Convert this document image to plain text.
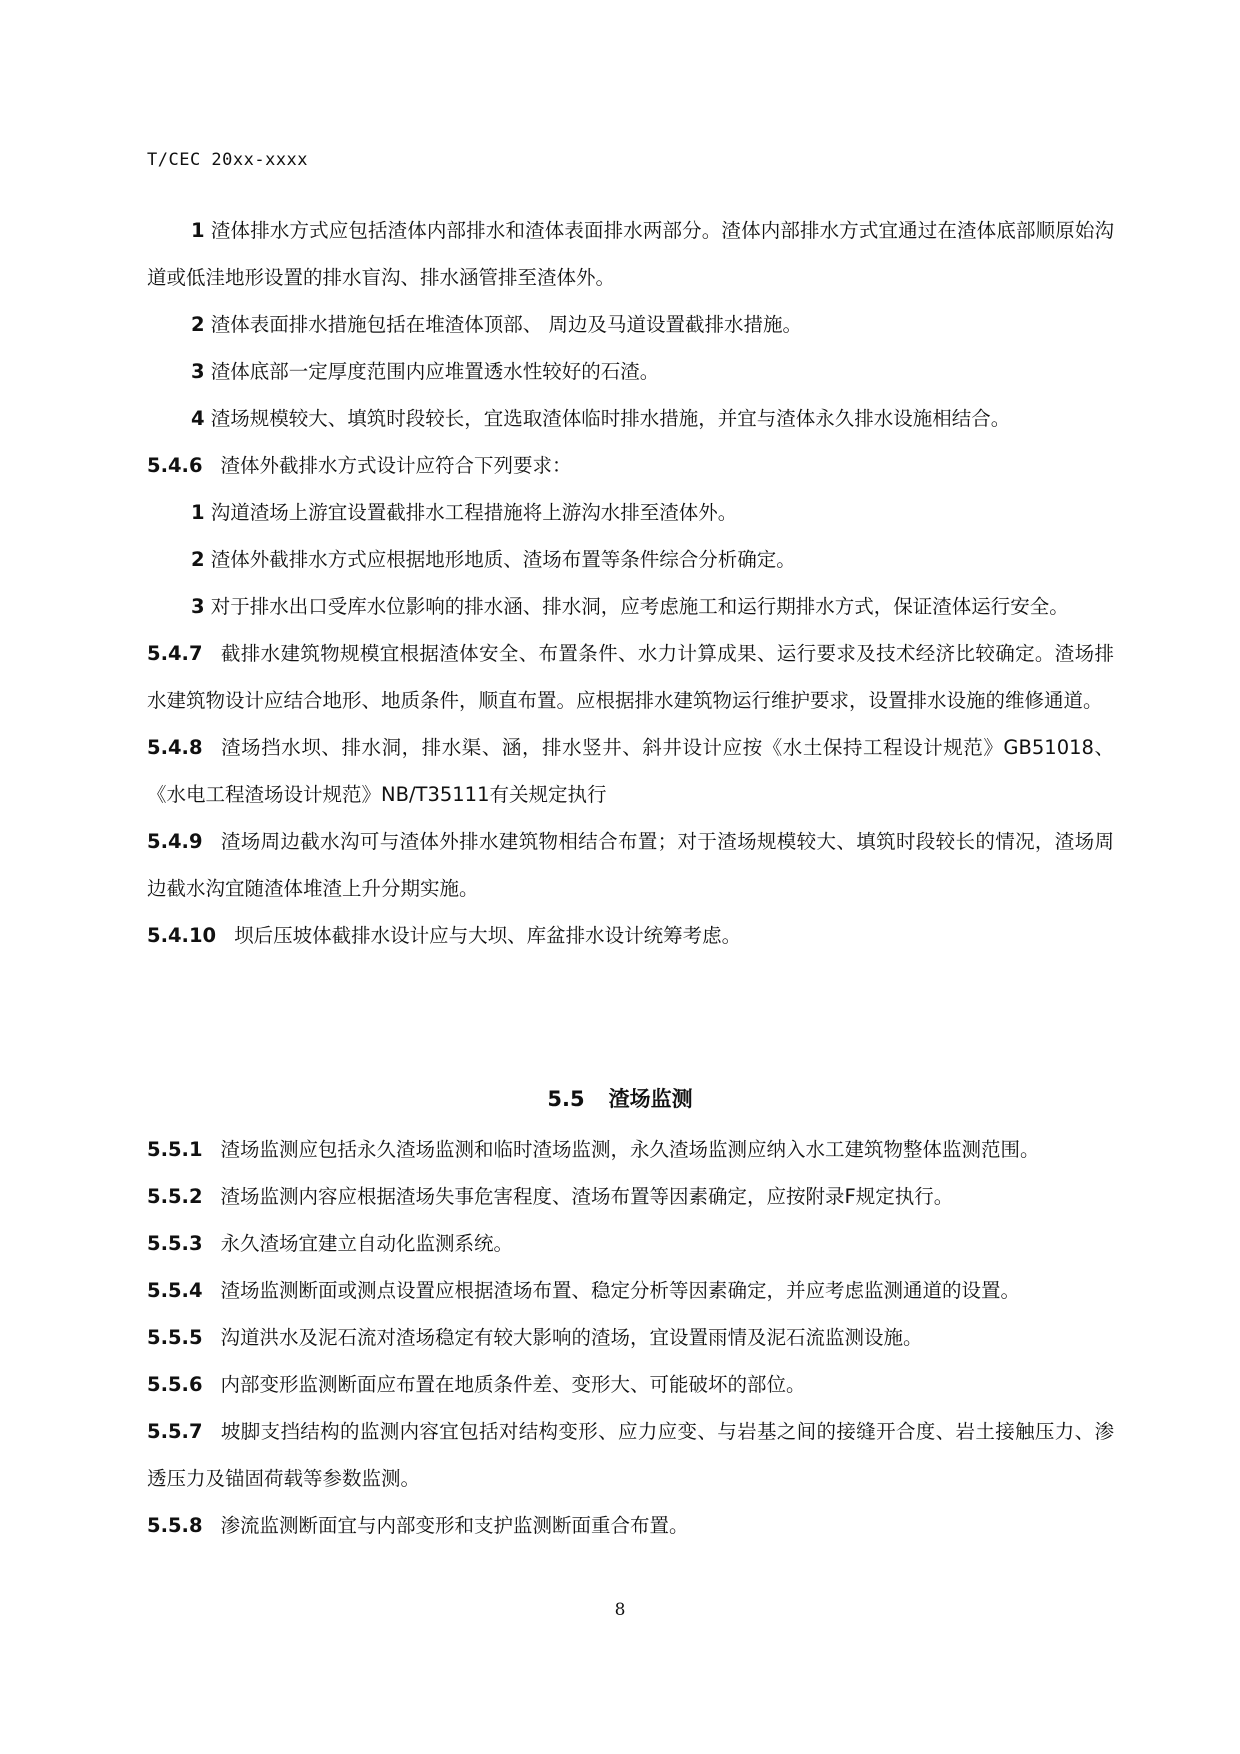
T/CEC 20xx-xxxx

1 渣体排水方式应包括渣体内部排水和渣体表面排水两部分。渣体内部排水方式宜通过在渣体底部顺原始沟道或低洼地形设置的排水盲沟、排水涵管排至渣体外。

2 渣体表面排水措施包括在堆渣体顶部、 周边及马道设置截排水措施。

3 渣体底部一定厚度范围内应堆置透水性较好的石渣。

4 渣场规模较大、填筑时段较长，宜选取渣体临时排水措施，并宜与渣体永久排水设施相结合。

5.4.6 渣体外截排水方式设计应符合下列要求：

1 沟道渣场上游宜设置截排水工程措施将上游沟水排至渣体外。

2 渣体外截排水方式应根据地形地质、渣场布置等条件综合分析确定。

3 对于排水出口受库水位影响的排水涵、排水洞，应考虑施工和运行期排水方式，保证渣体运行安全。

5.4.7 截排水建筑物规模宜根据渣体安全、布置条件、水力计算成果、运行要求及技术经济比较确定。渣场排水建筑物设计应结合地形、地质条件，顺直布置。应根据排水建筑物运行维护要求，设置排水设施的维修通道。

5.4.8 渣场挡水坝、排水洞，排水渠、涵，排水竖井、斜井设计应按《水土保持工程设计规范》GB51018、《水电工程渣场设计规范》NB/T35111有关规定执行

5.4.9 渣场周边截水沟可与渣体外排水建筑物相结合布置；对于渣场规模较大、填筑时段较长的情况，渣场周边截水沟宜随渣体堆渣上升分期实施。

5.4.10 坝后压坡体截排水设计应与大坝、库盆排水设计统筹考虑。

5.5 渣场监测

5.5.1 渣场监测应包括永久渣场监测和临时渣场监测，永久渣场监测应纳入水工建筑物整体监测范围。

5.5.2 渣场监测内容应根据渣场失事危害程度、渣场布置等因素确定，应按附录F规定执行。

5.5.3 永久渣场宜建立自动化监测系统。

5.5.4 渣场监测断面或测点设置应根据渣场布置、稳定分析等因素确定，并应考虑监测通道的设置。

5.5.5 沟道洪水及泥石流对渣场稳定有较大影响的渣场，宜设置雨情及泥石流监测设施。

5.5.6 内部变形监测断面应布置在地质条件差、变形大、可能破坏的部位。

5.5.7 坡脚支挡结构的监测内容宜包括对结构变形、应力应变、与岩基之间的接缝开合度、岩土接触压力、渗透压力及锚固荷载等参数监测。

5.5.8 渗流监测断面宜与内部变形和支护监测断面重合布置。

8
